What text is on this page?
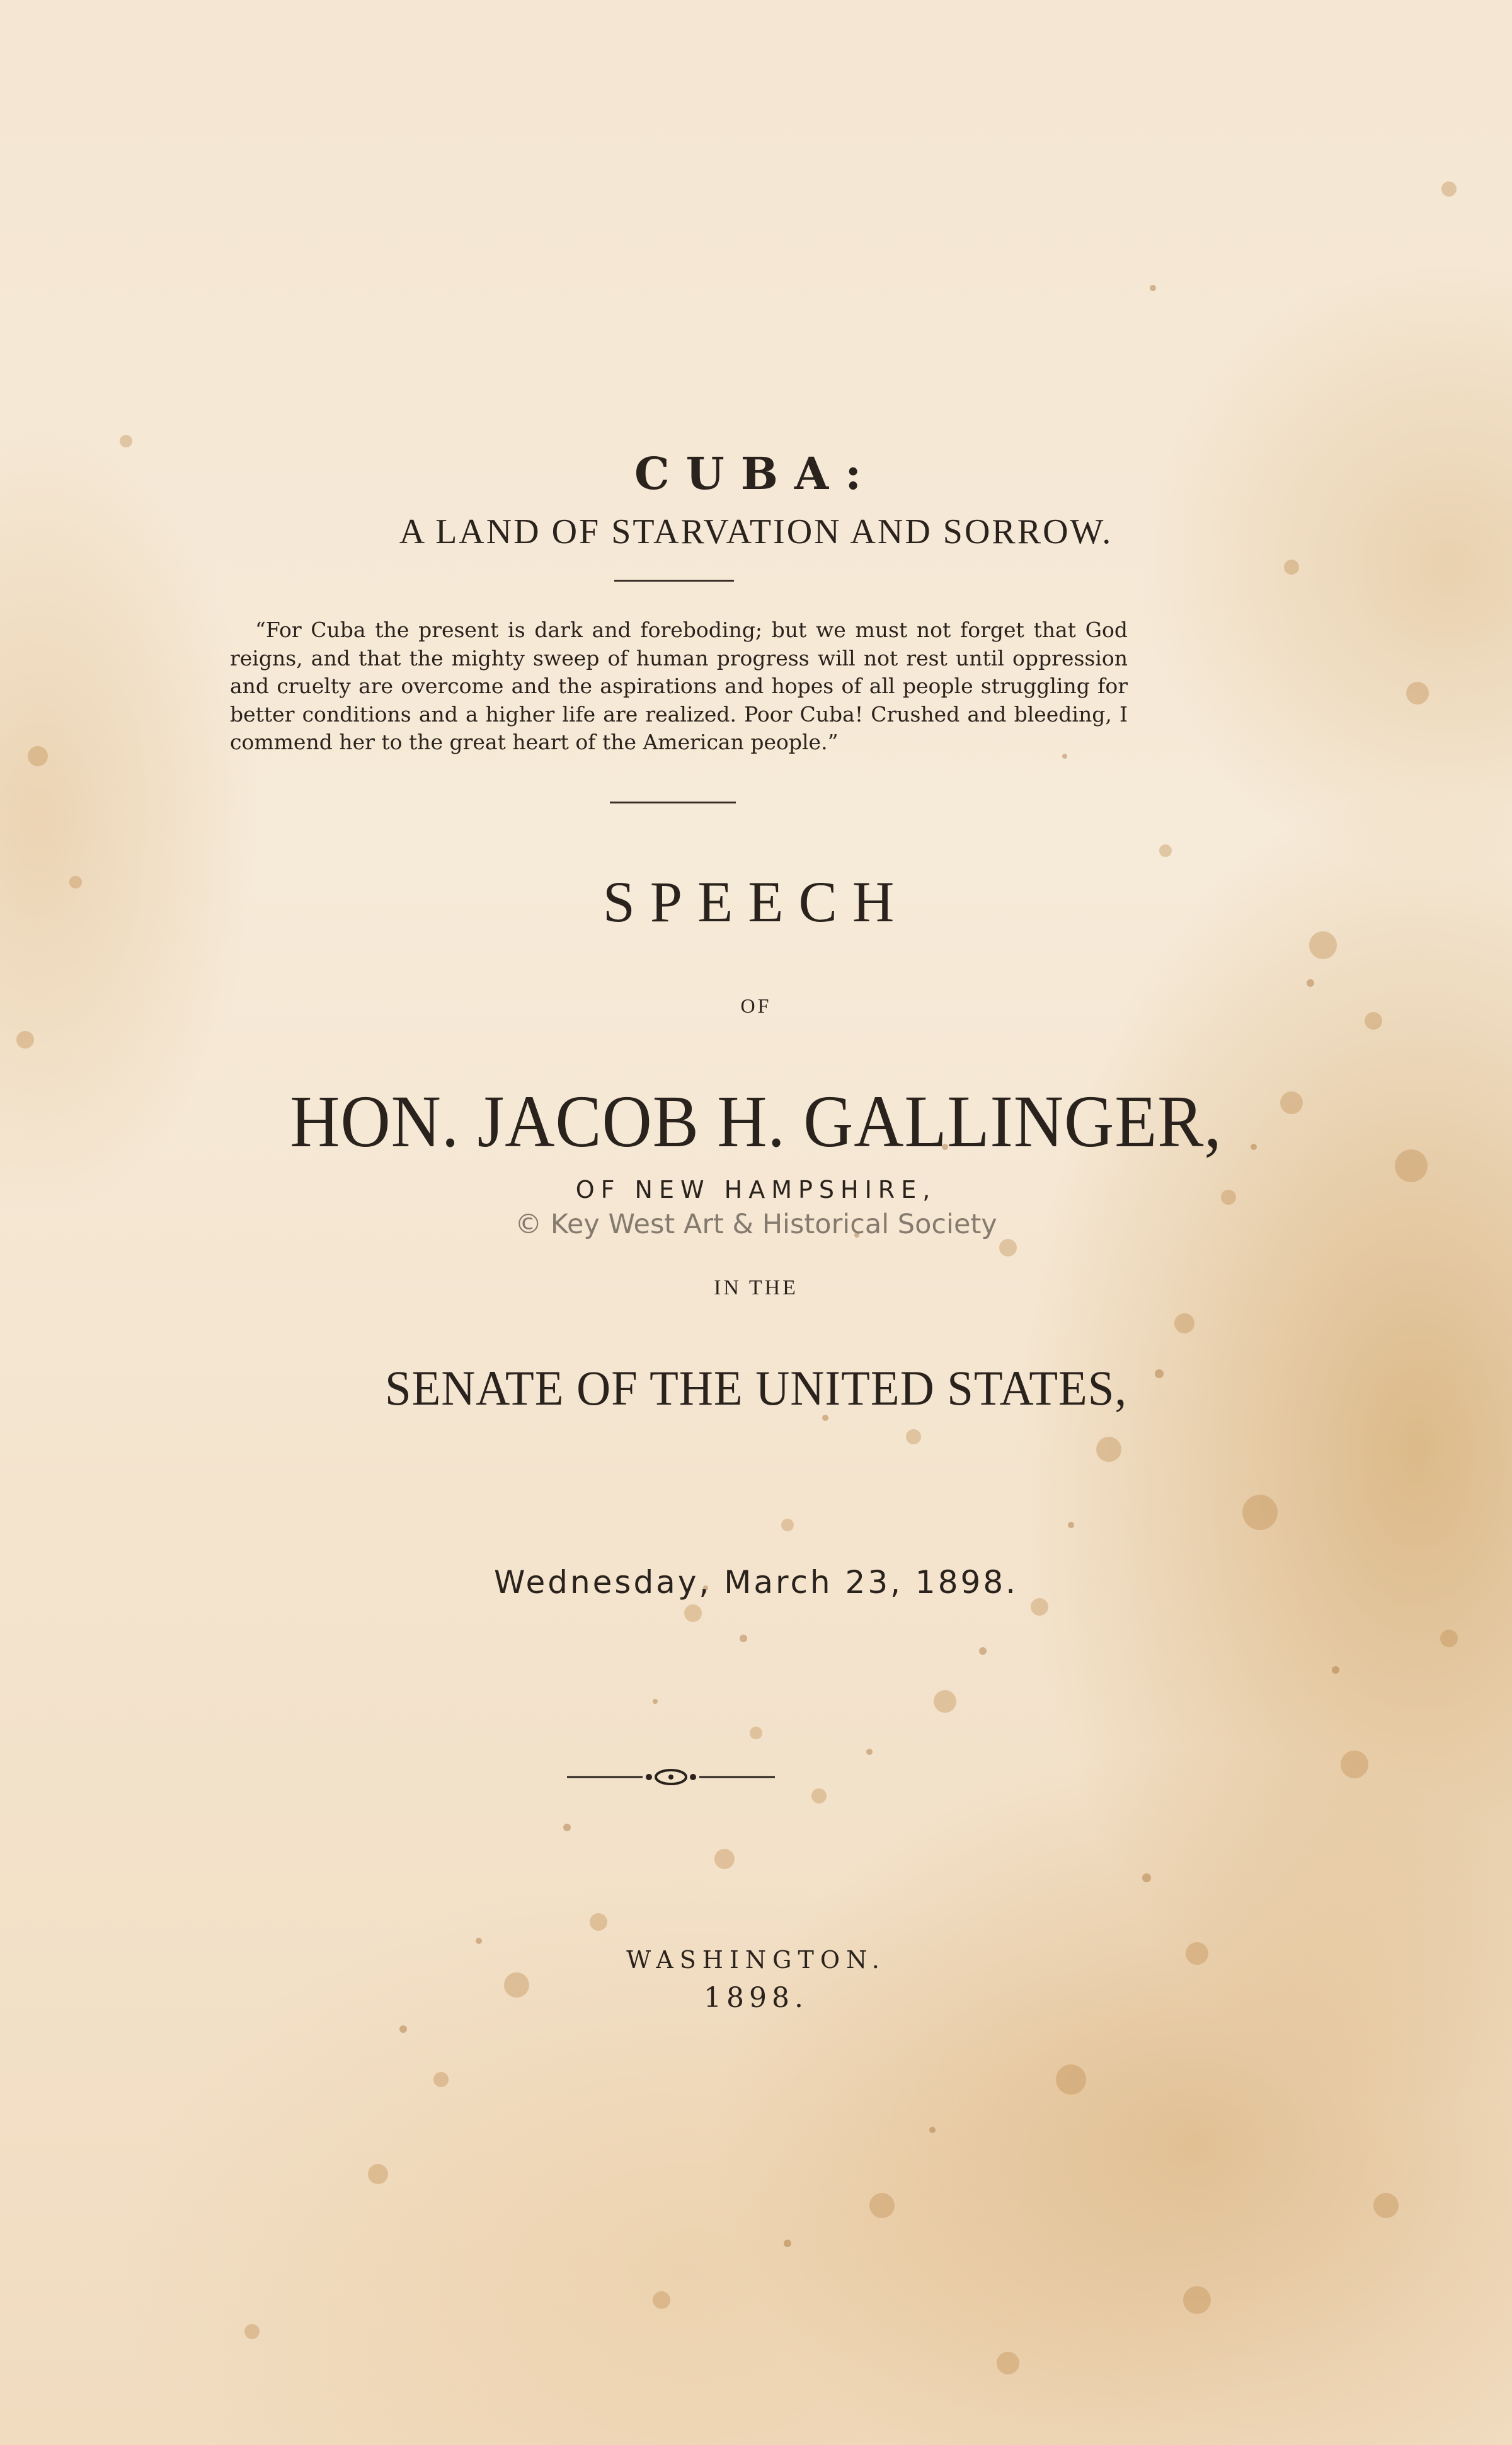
CUBA:
A LAND OF STARVATION AND SORROW.
“For Cuba the present is dark and foreboding; but we must not forget that God reigns, and that the mighty sweep of human progress will not rest until oppression and cruelty are overcome and the aspirations and hopes of all people struggling for better conditions and a higher life are realized. Poor Cuba! Crushed and bleeding, I commend her to the great heart of the American people.”
SPEECH
OF
HON. JACOB H. GALLINGER,
OF NEW HAMPSHIRE,
© Key West Art & Historical Society
IN THE
SENATE OF THE UNITED STATES,
Wednesday, March 23, 1898.
WASHINGTON.
1898.
